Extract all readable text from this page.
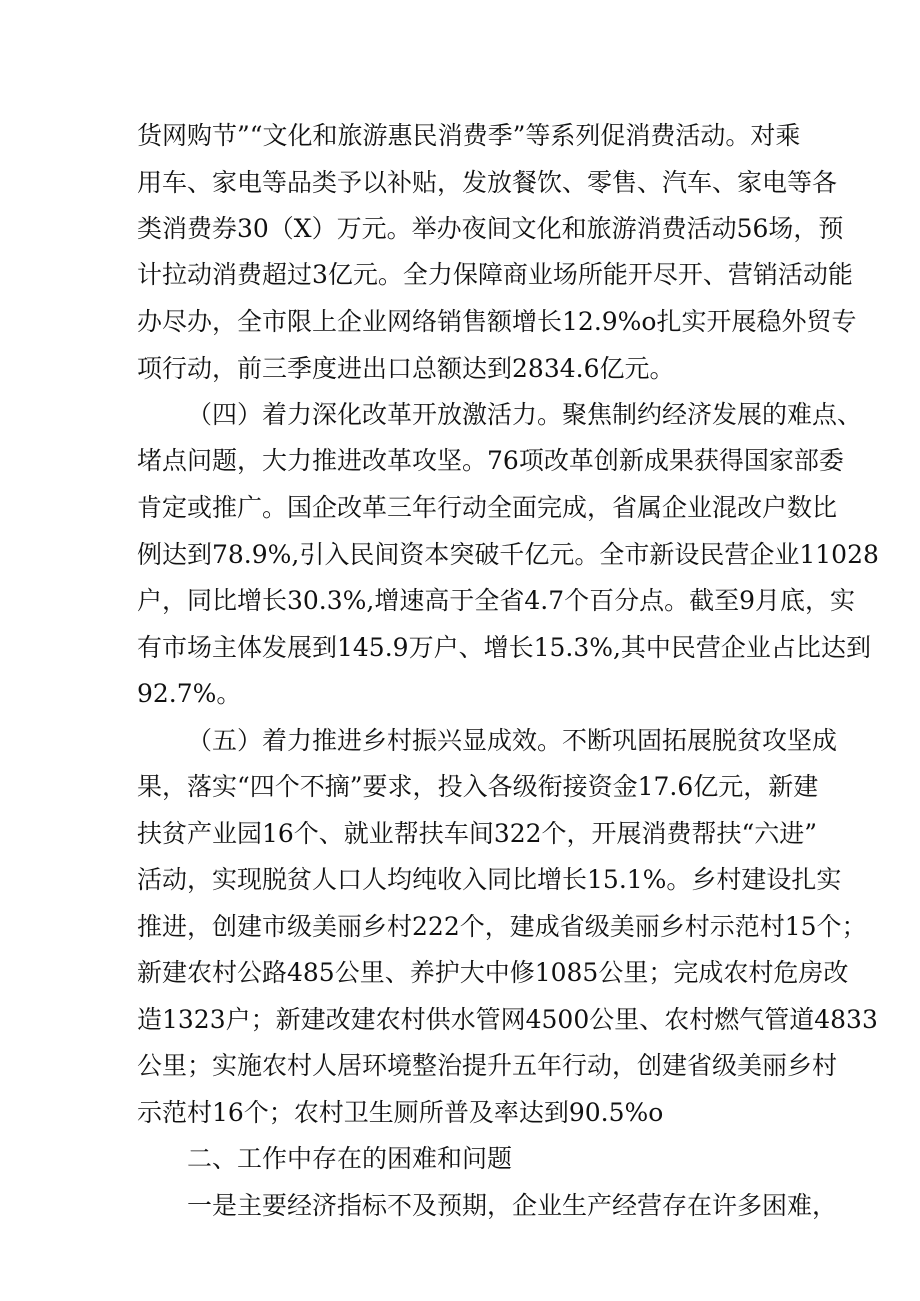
货网购节”“文化和旅游惠民消费季”等系列促消费活动。对乘
用车、家电等品类予以补贴，发放餐饮、零售、汽车、家电等各
类消费券30（X）万元。举办夜间文化和旅游消费活动56场，预
计拉动消费超过3亿元。全力保障商业场所能开尽开、营销活动能
办尽办，全市限上企业网络销售额增长12.9%o扎实开展稳外贸专
项行动，前三季度进出口总额达到2834.6亿元。
（四）着力深化改革开放激活力。聚焦制约经济发展的难点、
堵点问题，大力推进改革攻坚。76项改革创新成果获得国家部委
肯定或推广。国企改革三年行动全面完成，省属企业混改户数比
例达到78.9%,引入民间资本突破千亿元。全市新设民营企业11028
户，同比增长30.3%,增速高于全省4.7个百分点。截至9月底，实
有市场主体发展到145.9万户、增长15.3%,其中民营企业占比达到
92.7%。
（五）着力推进乡村振兴显成效。不断巩固拓展脱贫攻坚成
果，落实“四个不摘”要求，投入各级衔接资金17.6亿元，新建
扶贫产业园16个、就业帮扶车间322个，开展消费帮扶“六进”
活动，实现脱贫人口人均纯收入同比增长15.1%。乡村建设扎实
推进，创建市级美丽乡村222个，建成省级美丽乡村示范村15个；
新建农村公路485公里、养护大中修1085公里；完成农村危房改
造1323户；新建改建农村供水管网4500公里、农村燃气管道4833
公里；实施农村人居环境整治提升五年行动，创建省级美丽乡村
示范村16个；农村卫生厕所普及率达到90.5%o
二、工作中存在的困难和问题
一是主要经济指标不及预期，企业生产经营存在许多困难，
